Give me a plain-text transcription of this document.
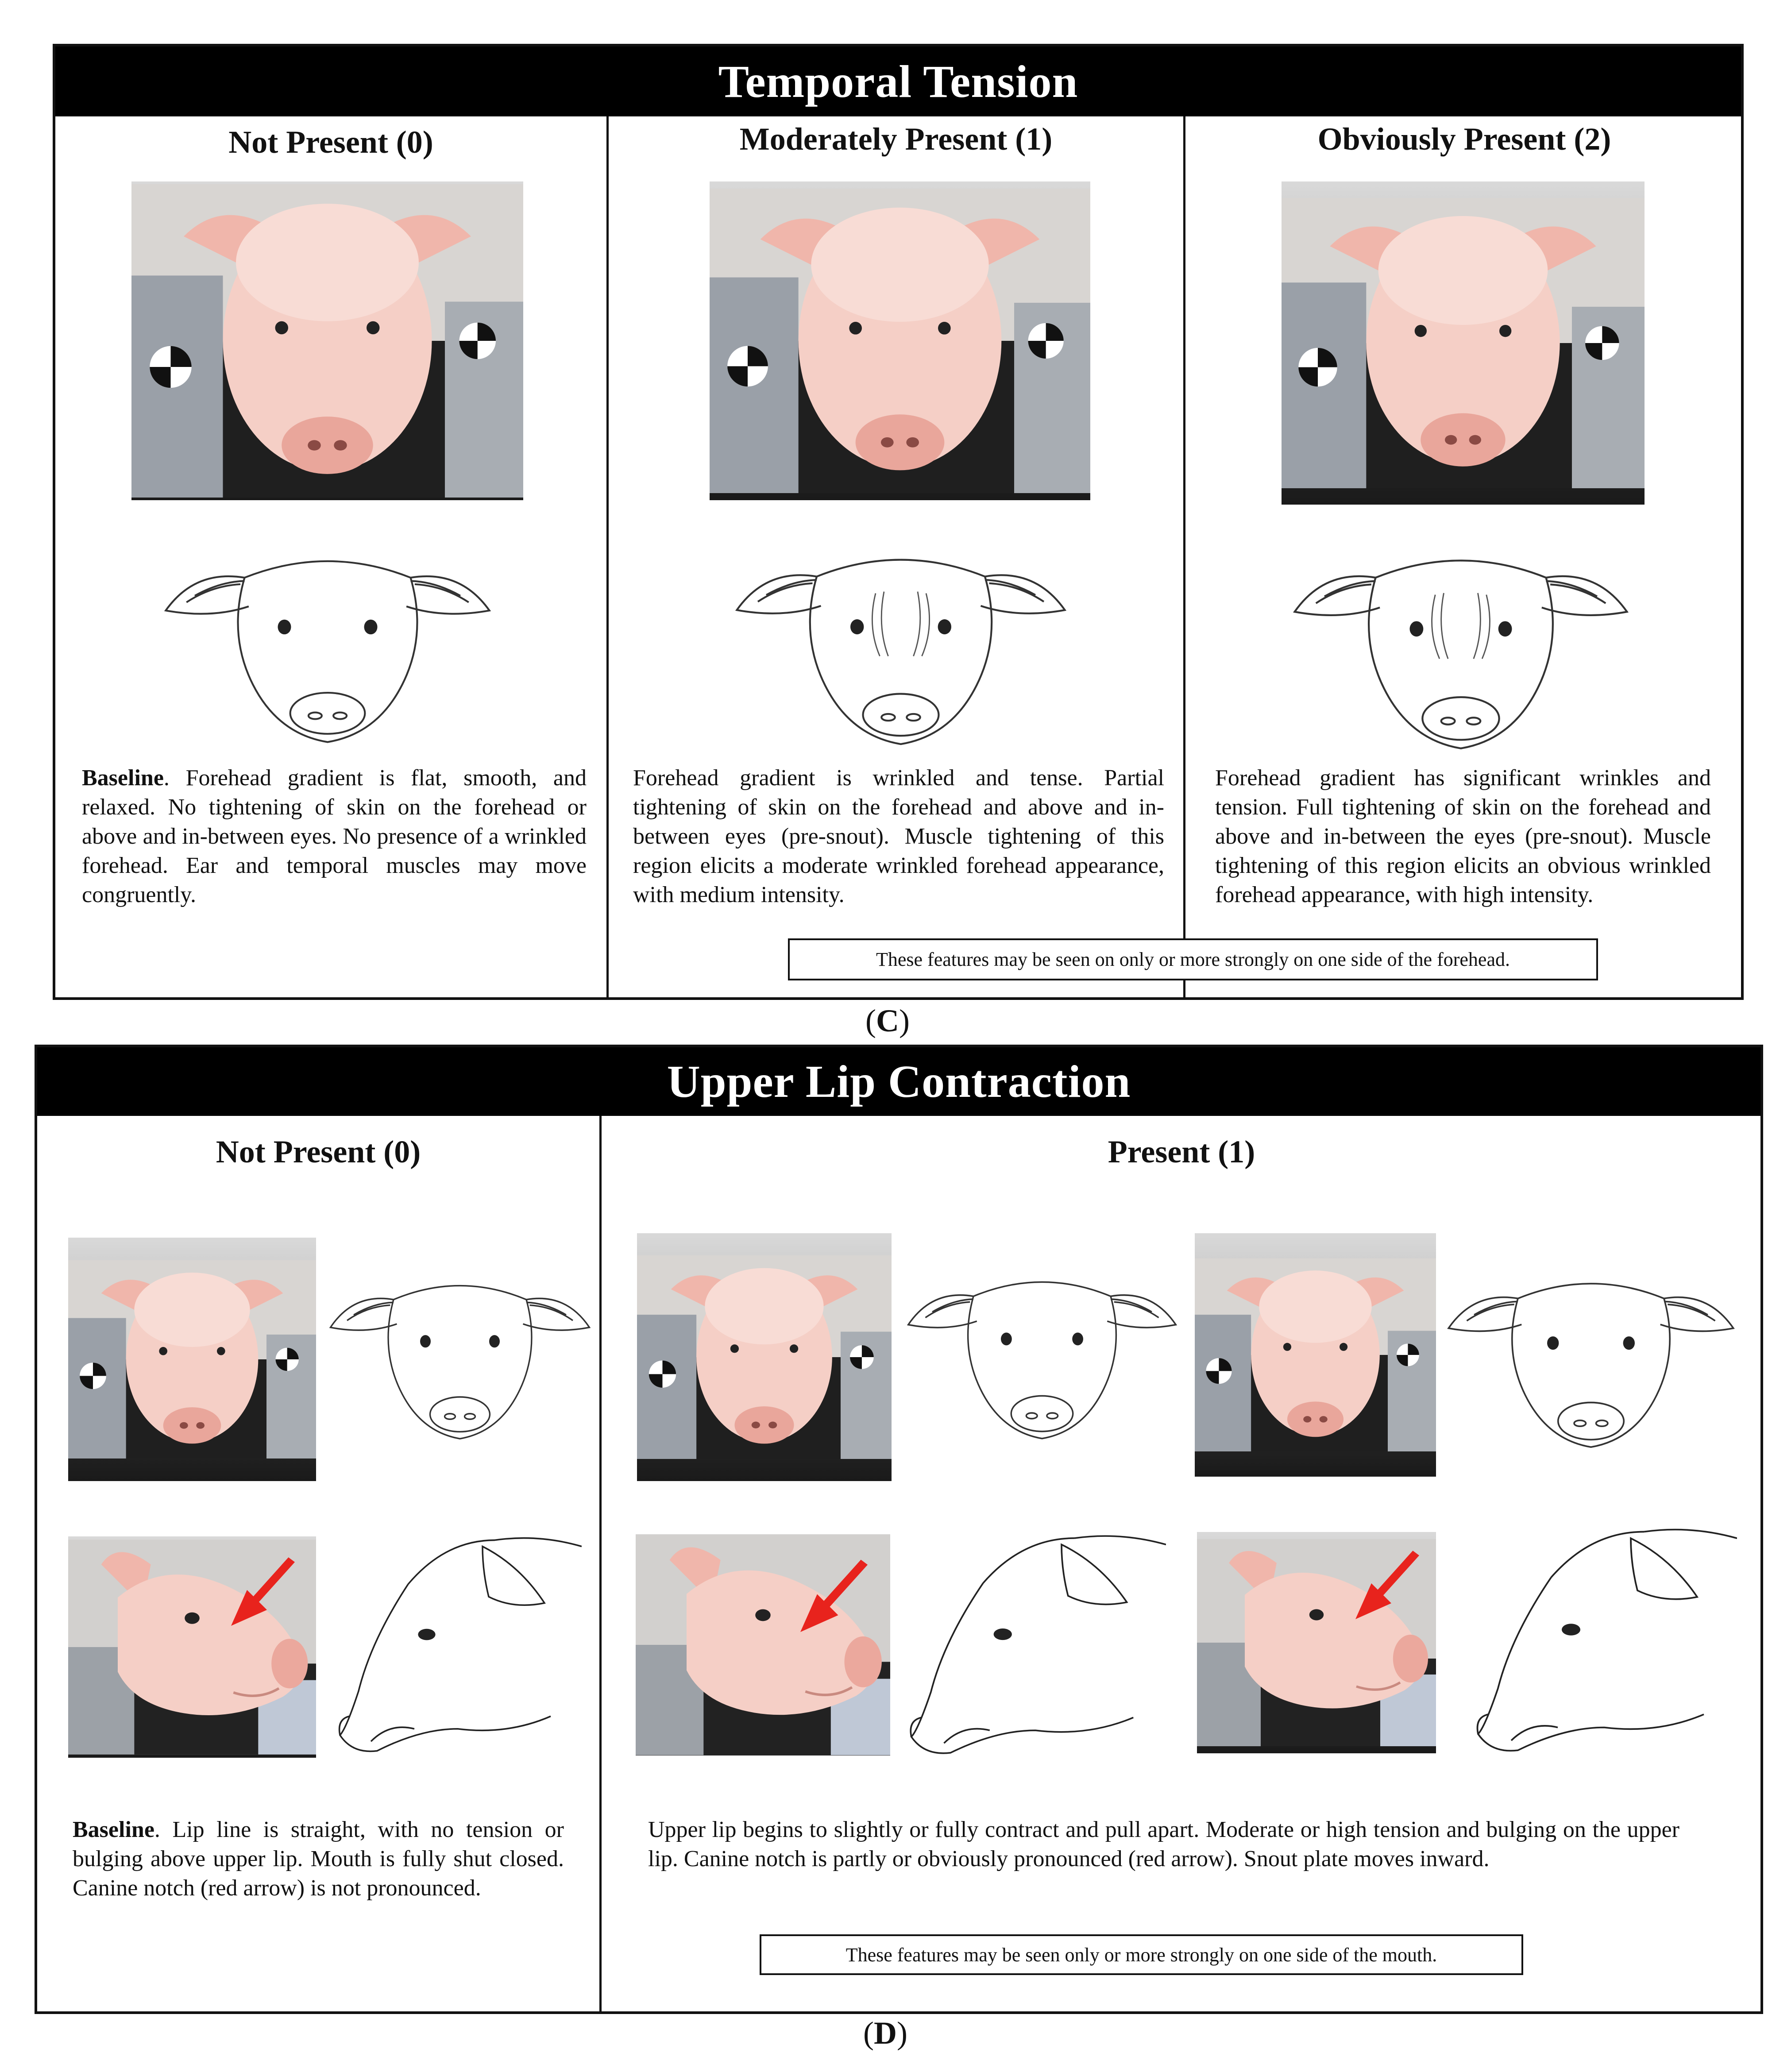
Temporal Tension
Not Present (0)
Baseline. Forehead gradient is flat, smooth, and relaxed. No tightening of skin on the forehead or above and in-between eyes. No presence of a wrinkled forehead. Ear and temporal muscles may move congruently.
Moderately Present (1)
Forehead gradient is wrinkled and tense. Partial tightening of skin on the forehead and above and in-between eyes (pre-snout). Muscle tightening of this region elicits a moderate wrinkled forehead appearance, with medium intensity.
Obviously Present (2)
Forehead gradient has significant wrinkles and tension. Full tightening of skin on the forehead and above and in-between the eyes (pre-snout). Muscle tightening of this region elicits an obvious wrinkled forehead appearance, with high intensity.
These features may be seen on only or more strongly on one side of the forehead.
(C)
Upper Lip Contraction
Not Present (0)
Baseline. Lip line is straight, with no tension or bulging above upper lip. Mouth is fully shut closed. Canine notch (red arrow) is not pronounced.
Present (1)
Upper lip begins to slightly or fully contract and pull apart. Moderate or high tension and bulging on the upper lip. Canine notch is partly or obviously pronounced (red arrow). Snout plate moves inward.
These features may be seen only or more strongly on one side of the mouth.
(D)
